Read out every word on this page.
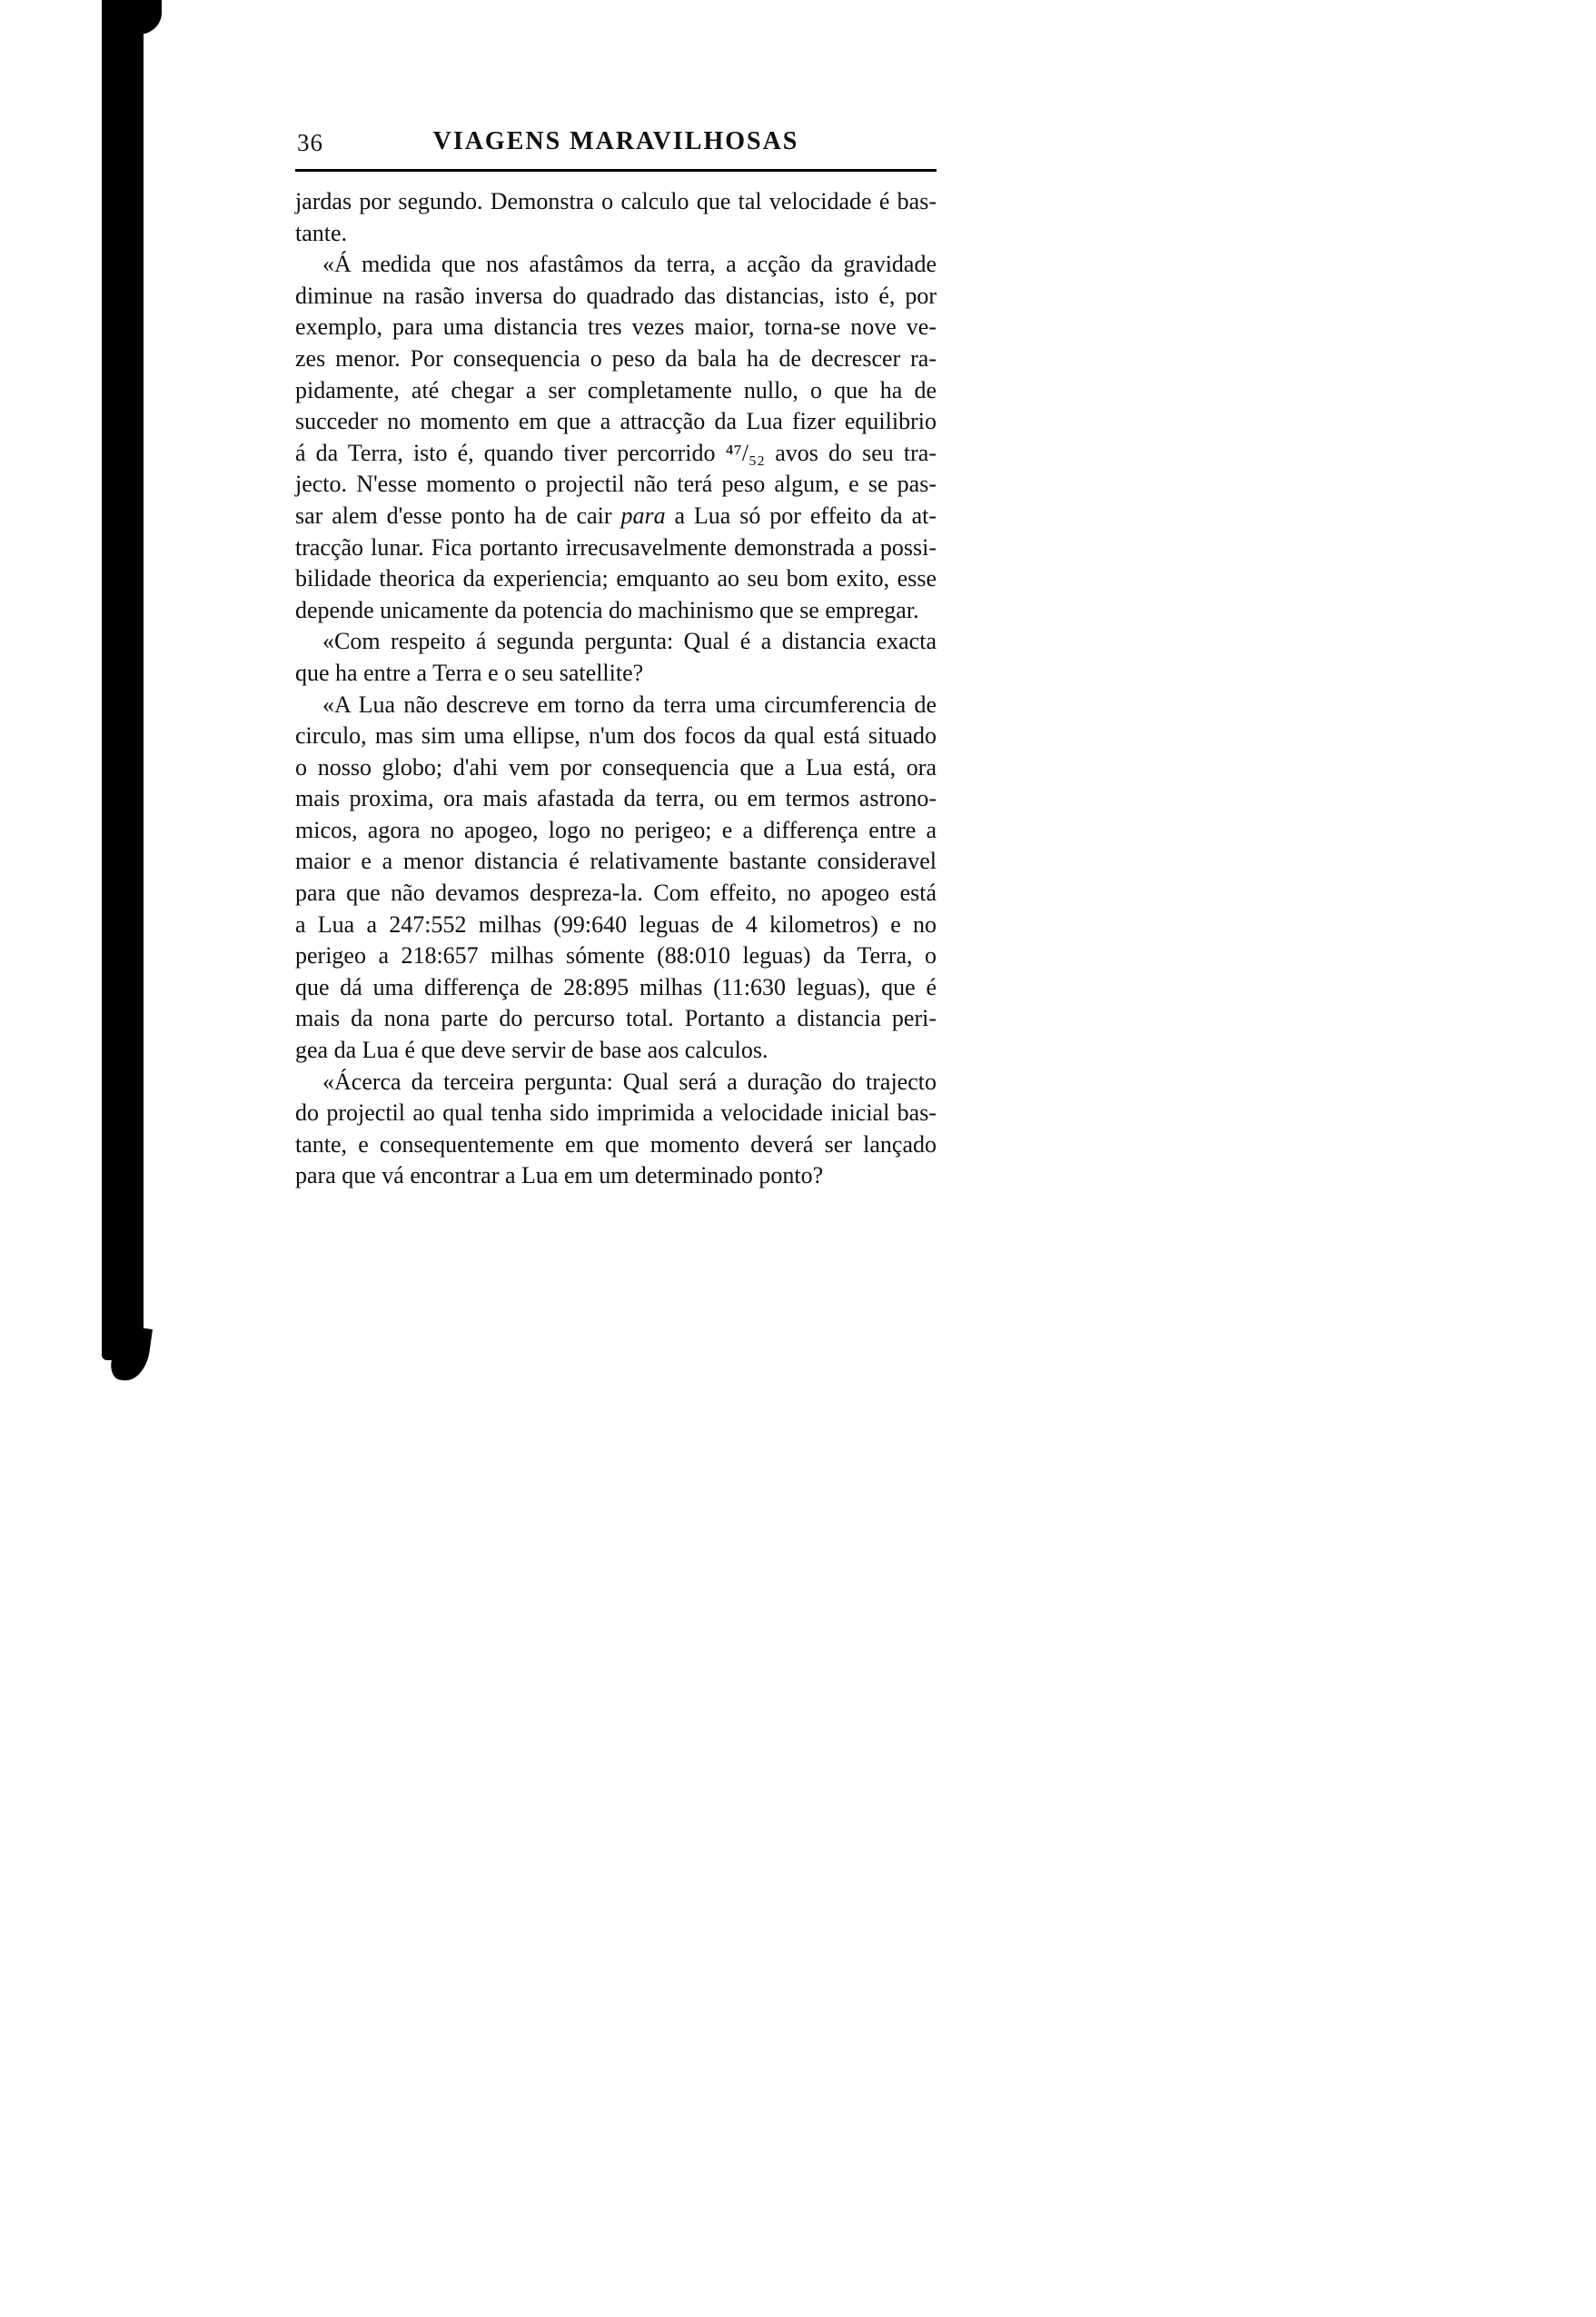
36	VIAGENS MARAVILHOSAS
jardas por segundo. Demonstra o calculo que tal velocidade é bas-
tante.
«Á medida que nos afastâmos da terra, a acção da gravidade
diminue na rasão inversa do quadrado das distancias, isto é, por
exemplo, para uma distancia tres vezes maior, torna-se nove ve-
zes menor. Por consequencia o peso da bala ha de decrescer ra-
pidamente, até chegar a ser completamente nullo, o que ha de
succeder no momento em que a attracção da Lua fizer equilibrio
á da Terra, isto é, quando tiver percorrido ⁴⁷/₅₂ avos do seu tra-
jecto. N'esse momento o projectil não terá peso algum, e se pas-
sar alem d'esse ponto ha de cair para a Lua só por effeito da at-
tracção lunar. Fica portanto irrecusavelmente demonstrada a possi-
bilidade theorica da experiencia; emquanto ao seu bom exito, esse
depende unicamente da potencia do machinismo que se empregar.
«Com respeito á segunda pergunta: Qual é a distancia exacta
que ha entre a Terra e o seu satellite?
«A Lua não descreve em torno da terra uma circumferencia de
circulo, mas sim uma ellipse, n'um dos focos da qual está situado
o nosso globo; d'ahi vem por consequencia que a Lua está, ora
mais proxima, ora mais afastada da terra, ou em termos astrono-
micos, agora no apogeo, logo no perigeo; e a differença entre a
maior e a menor distancia é relativamente bastante consideravel
para que não devamos despreza-la. Com effeito, no apogeo está
a Lua a 247:552 milhas (99:640 leguas de 4 kilometros) e no
perigeo a 218:657 milhas sómente (88:010 leguas) da Terra, o
que dá uma differença de 28:895 milhas (11:630 leguas), que é
mais da nona parte do percurso total. Portanto a distancia peri-
gea da Lua é que deve servir de base aos calculos.
«Ácerca da terceira pergunta: Qual será a duração do trajecto
do projectil ao qual tenha sido imprimida a velocidade inicial bas-
tante, e consequentemente em que momento deverá ser lançado
para que vá encontrar a Lua em um determinado ponto?
